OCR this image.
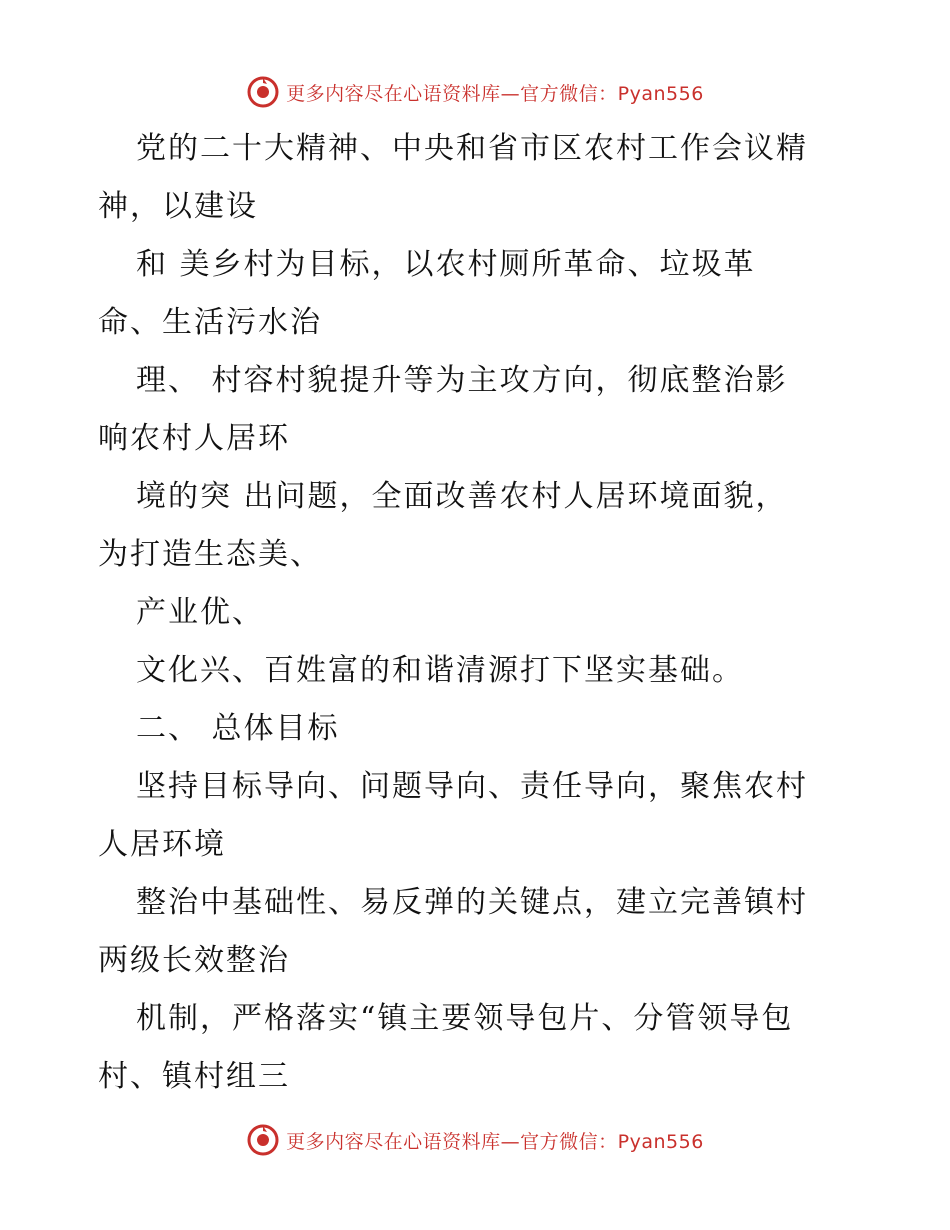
更多内容尽在心语资料库—官方微信：Pyan556
党的二十大精神、中央和省市区农村工作会议精
神，以建设
和 美乡村为目标，以农村厕所革命、垃圾革
命、生活污水治
理、 村容村貌提升等为主攻方向，彻底整治影
响农村人居环
境的突 出问题，全面改善农村人居环境面貌，
为打造生态美、
产业优、
文化兴、百姓富的和谐清源打下坚实基础。
二、 总体目标
坚持目标导向、问题导向、责任导向，聚焦农村
人居环境
整治中基础性、易反弹的关键点，建立完善镇村
两级长效整治
机制，严格落实“镇主要领导包片、分管领导包
村、镇村组三
更多内容尽在心语资料库—官方微信：Pyan556
